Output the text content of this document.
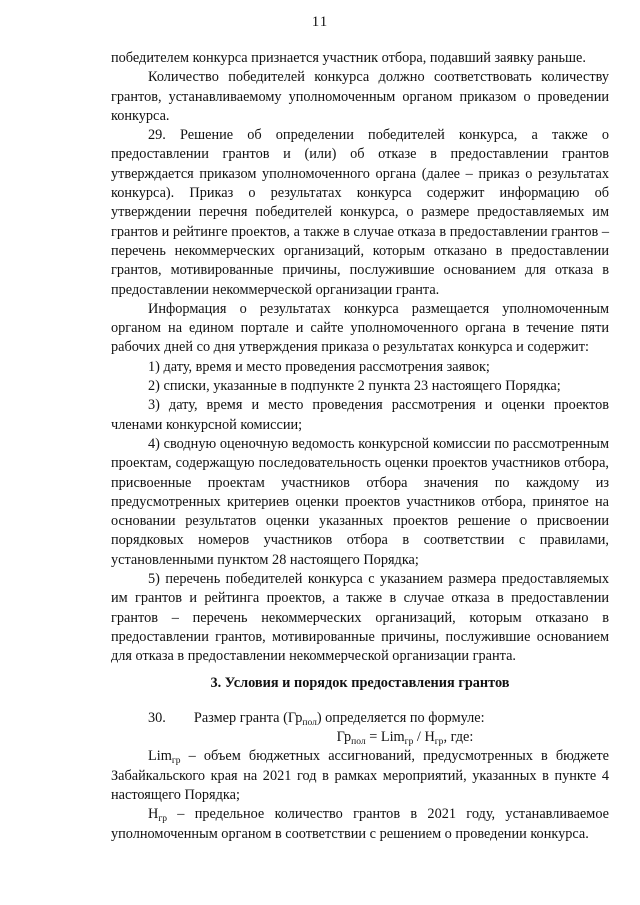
11

победителем конкурса признается участник отбора, подавший заявку раньше.

Количество победителей конкурса должно соответствовать количеству грантов, устанавливаемому уполномоченным органом приказом о проведении конкурса.

29. Решение об определении победителей конкурса, а также о предоставлении грантов и (или) об отказе в предоставлении грантов утверждается приказом уполномоченного органа (далее – приказ о результатах конкурса). Приказ о результатах конкурса содержит информацию об утверждении перечня победителей конкурса, о размере предоставляемых им грантов и рейтинге проектов, а также в случае отказа в предоставлении грантов – перечень некоммерческих организаций, которым отказано в предоставлении грантов, мотивированные причины, послужившие основанием для отказа в предоставлении некоммерческой организации гранта.

Информация о результатах конкурса размещается уполномоченным органом на едином портале и сайте уполномоченного органа в течение пяти рабочих дней со дня утверждения приказа о результатах конкурса и содержит:

1) дату, время и место проведения рассмотрения заявок;

2) списки, указанные в подпункте 2 пункта 23 настоящего Порядка;

3) дату, время и место проведения рассмотрения и оценки проектов членами конкурсной комиссии;

4) сводную оценочную ведомость конкурсной комиссии по рассмотренным проектам, содержащую последовательность оценки проектов участников отбора, присвоенные проектам участников отбора значения по каждому из предусмотренных критериев оценки проектов участников отбора, принятое на основании результатов оценки указанных проектов решение о присвоении порядковых номеров участников отбора в соответствии с правилами, установленными пунктом 28 настоящего Порядка;

5) перечень победителей конкурса с указанием размера предоставляемых им грантов и рейтинга проектов, а также в случае отказа в предоставлении грантов – перечень некоммерческих организаций, которым отказано в предоставлении грантов, мотивированные причины, послужившие основанием для отказа в предоставлении некоммерческой организации гранта.

3. Условия и порядок предоставления грантов

30. Размер гранта $(Гр_{пол})$ определяется по формуле:

$Гр_{пол} = Lim_{гр} / Н_{гр}$, где:

Lim$_{гр}$ – объем бюджетных ассигнований, предусмотренных в бюджете Забайкальского края на 2021 год в рамках мероприятий, указанных в пункте 4 настоящего Порядка;

$Н_{гр}$ – предельное количество грантов в 2021 году, устанавливаемое уполномоченным органом в соответствии с решением о проведении конкурса.
